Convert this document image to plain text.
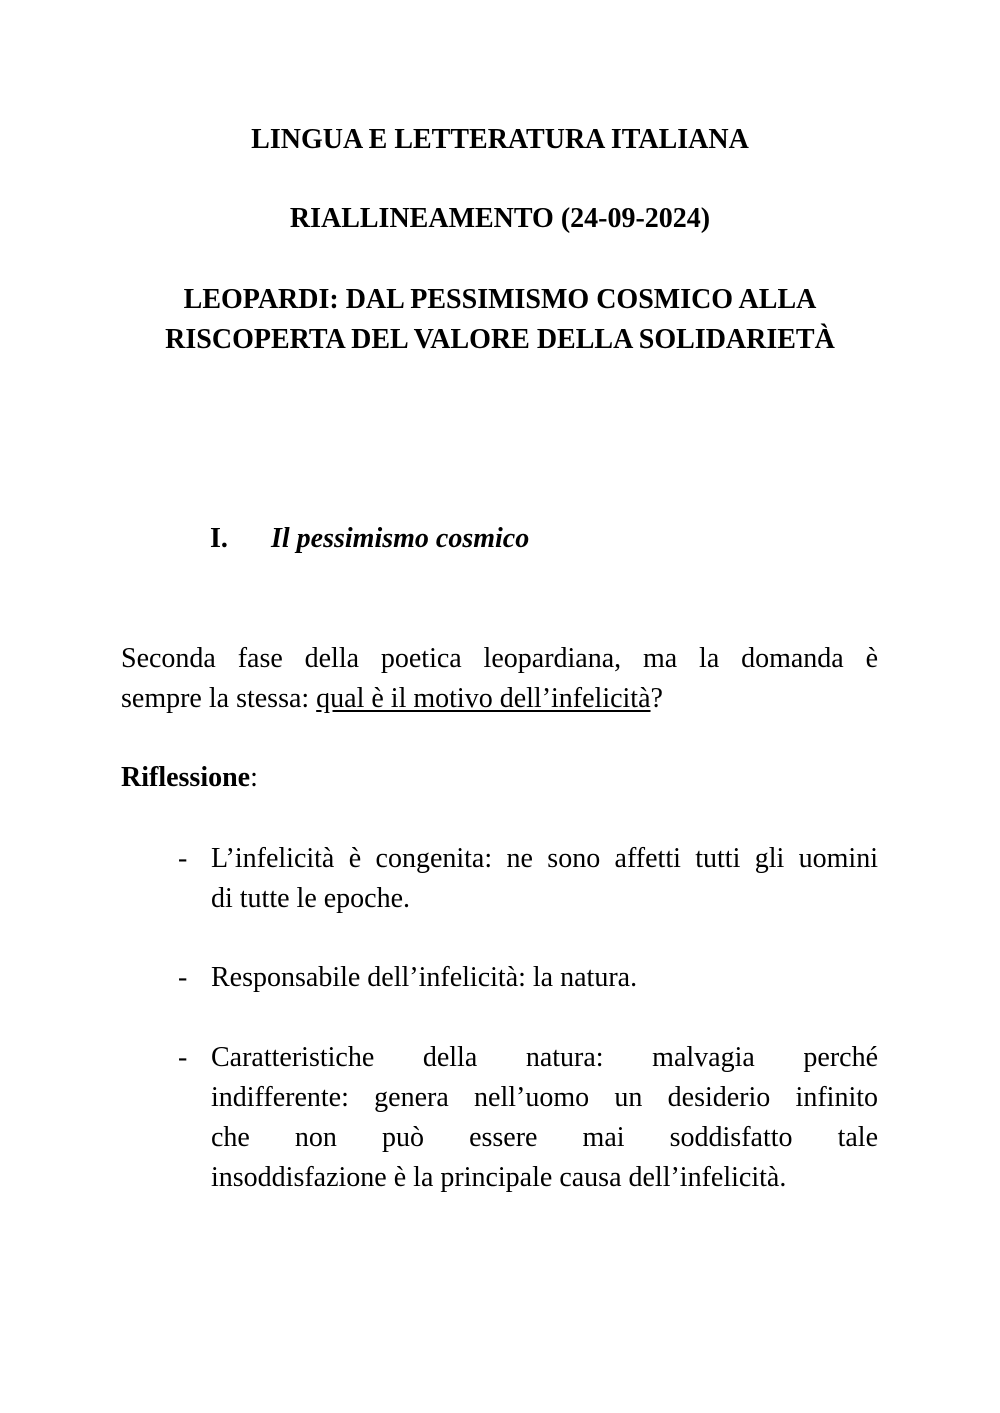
LINGUA E LETTERATURA ITALIANA

RIALLINEAMENTO (24-09-2024)

LEOPARDI: DAL PESSIMISMO COSMICO ALLA
RISCOPERTA DEL VALORE DELLA SOLIDARIETÀ

I. Il pessimismo cosmico

Seconda fase della poetica leopardiana, ma la domanda è
sempre la stessa: qual è il motivo dell’infelicità?

Riflessione:

- L’infelicità è congenita: ne sono affetti tutti gli uomini
di tutte le epoche.
- Responsabile dell’infelicità: la natura.
- Caratteristiche della natura: malvagia perché
indifferente: genera nell’uomo un desiderio infinito
che non può essere mai soddisfatto tale
insoddisfazione è la principale causa dell’infelicità.
